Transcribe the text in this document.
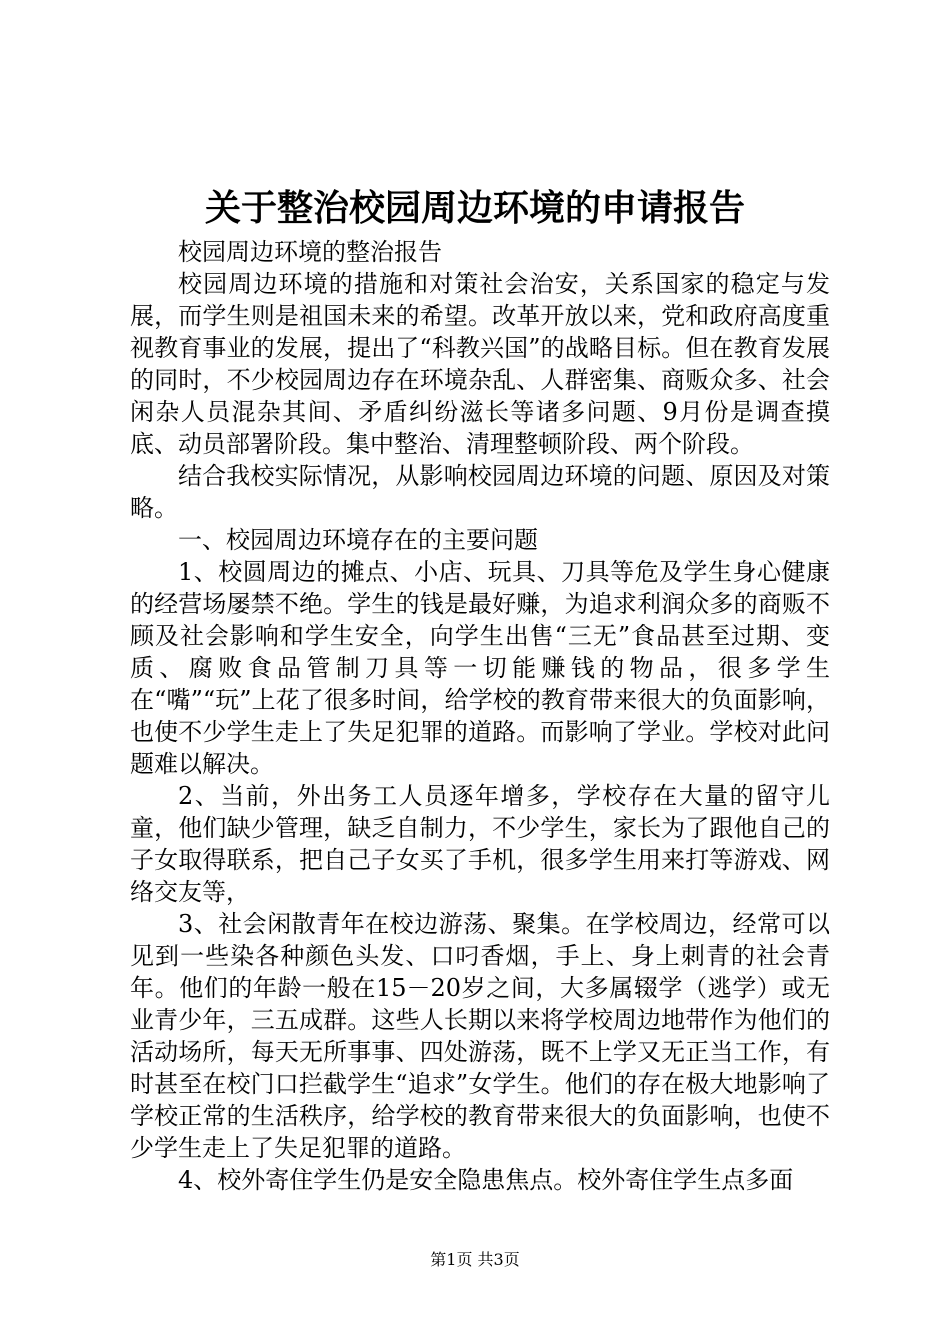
关于整治校园周边环境的申请报告

校园周边环境的整治报告

校园周边环境的措施和对策社会治安，关系国家的稳定与发展，而学生则是祖国未来的希望。改革开放以来，党和政府高度重视教育事业的发展，提出了“科教兴国”的战略目标。但在教育发展的同时，不少校园周边存在环境杂乱、人群密集、商贩众多、社会闲杂人员混杂其间、矛盾纠纷滋长等诸多问题、9月份是调查摸底、动员部署阶段。集中整治、清理整顿阶段、两个阶段。

结合我校实际情况，从影响校园周边环境的问题、原因及对策略。

一、校园周边环境存在的主要问题

1、校圆周边的摊点、小店、玩具、刀具等危及学生身心健康的经营场屡禁不绝。学生的钱是最好赚，为追求利润众多的商贩不顾及社会影响和学生安全，向学生出售“三无”食品甚至过期、变质、腐败食品管制刀具等一切能赚钱的物品，很多学生在“嘴”“玩”上花了很多时间，给学校的教育带来很大的负面影响，也使不少学生走上了失足犯罪的道路。而影响了学业。学校对此问题难以解决。

2、当前，外出务工人员逐年增多，学校存在大量的留守儿童，他们缺少管理，缺乏自制力，不少学生，家长为了跟他自己的子女取得联系，把自己子女买了手机，很多学生用来打等游戏、网络交友等，

3、社会闲散青年在校边游荡、聚集。在学校周边，经常可以见到一些染各种颜色头发、口叼香烟，手上、身上刺青的社会青年。他们的年龄一般在15－20岁之间，大多属辍学（逃学）或无业青少年，三五成群。这些人长期以来将学校周边地带作为他们的活动场所，每天无所事事、四处游荡，既不上学又无正当工作，有时甚至在校门口拦截学生“追求”女学生。他们的存在极大地影响了学校正常的生活秩序，给学校的教育带来很大的负面影响，也使不少学生走上了失足犯罪的道路。

4、校外寄住学生仍是安全隐患焦点。校外寄住学生点多面

第1页 共3页
